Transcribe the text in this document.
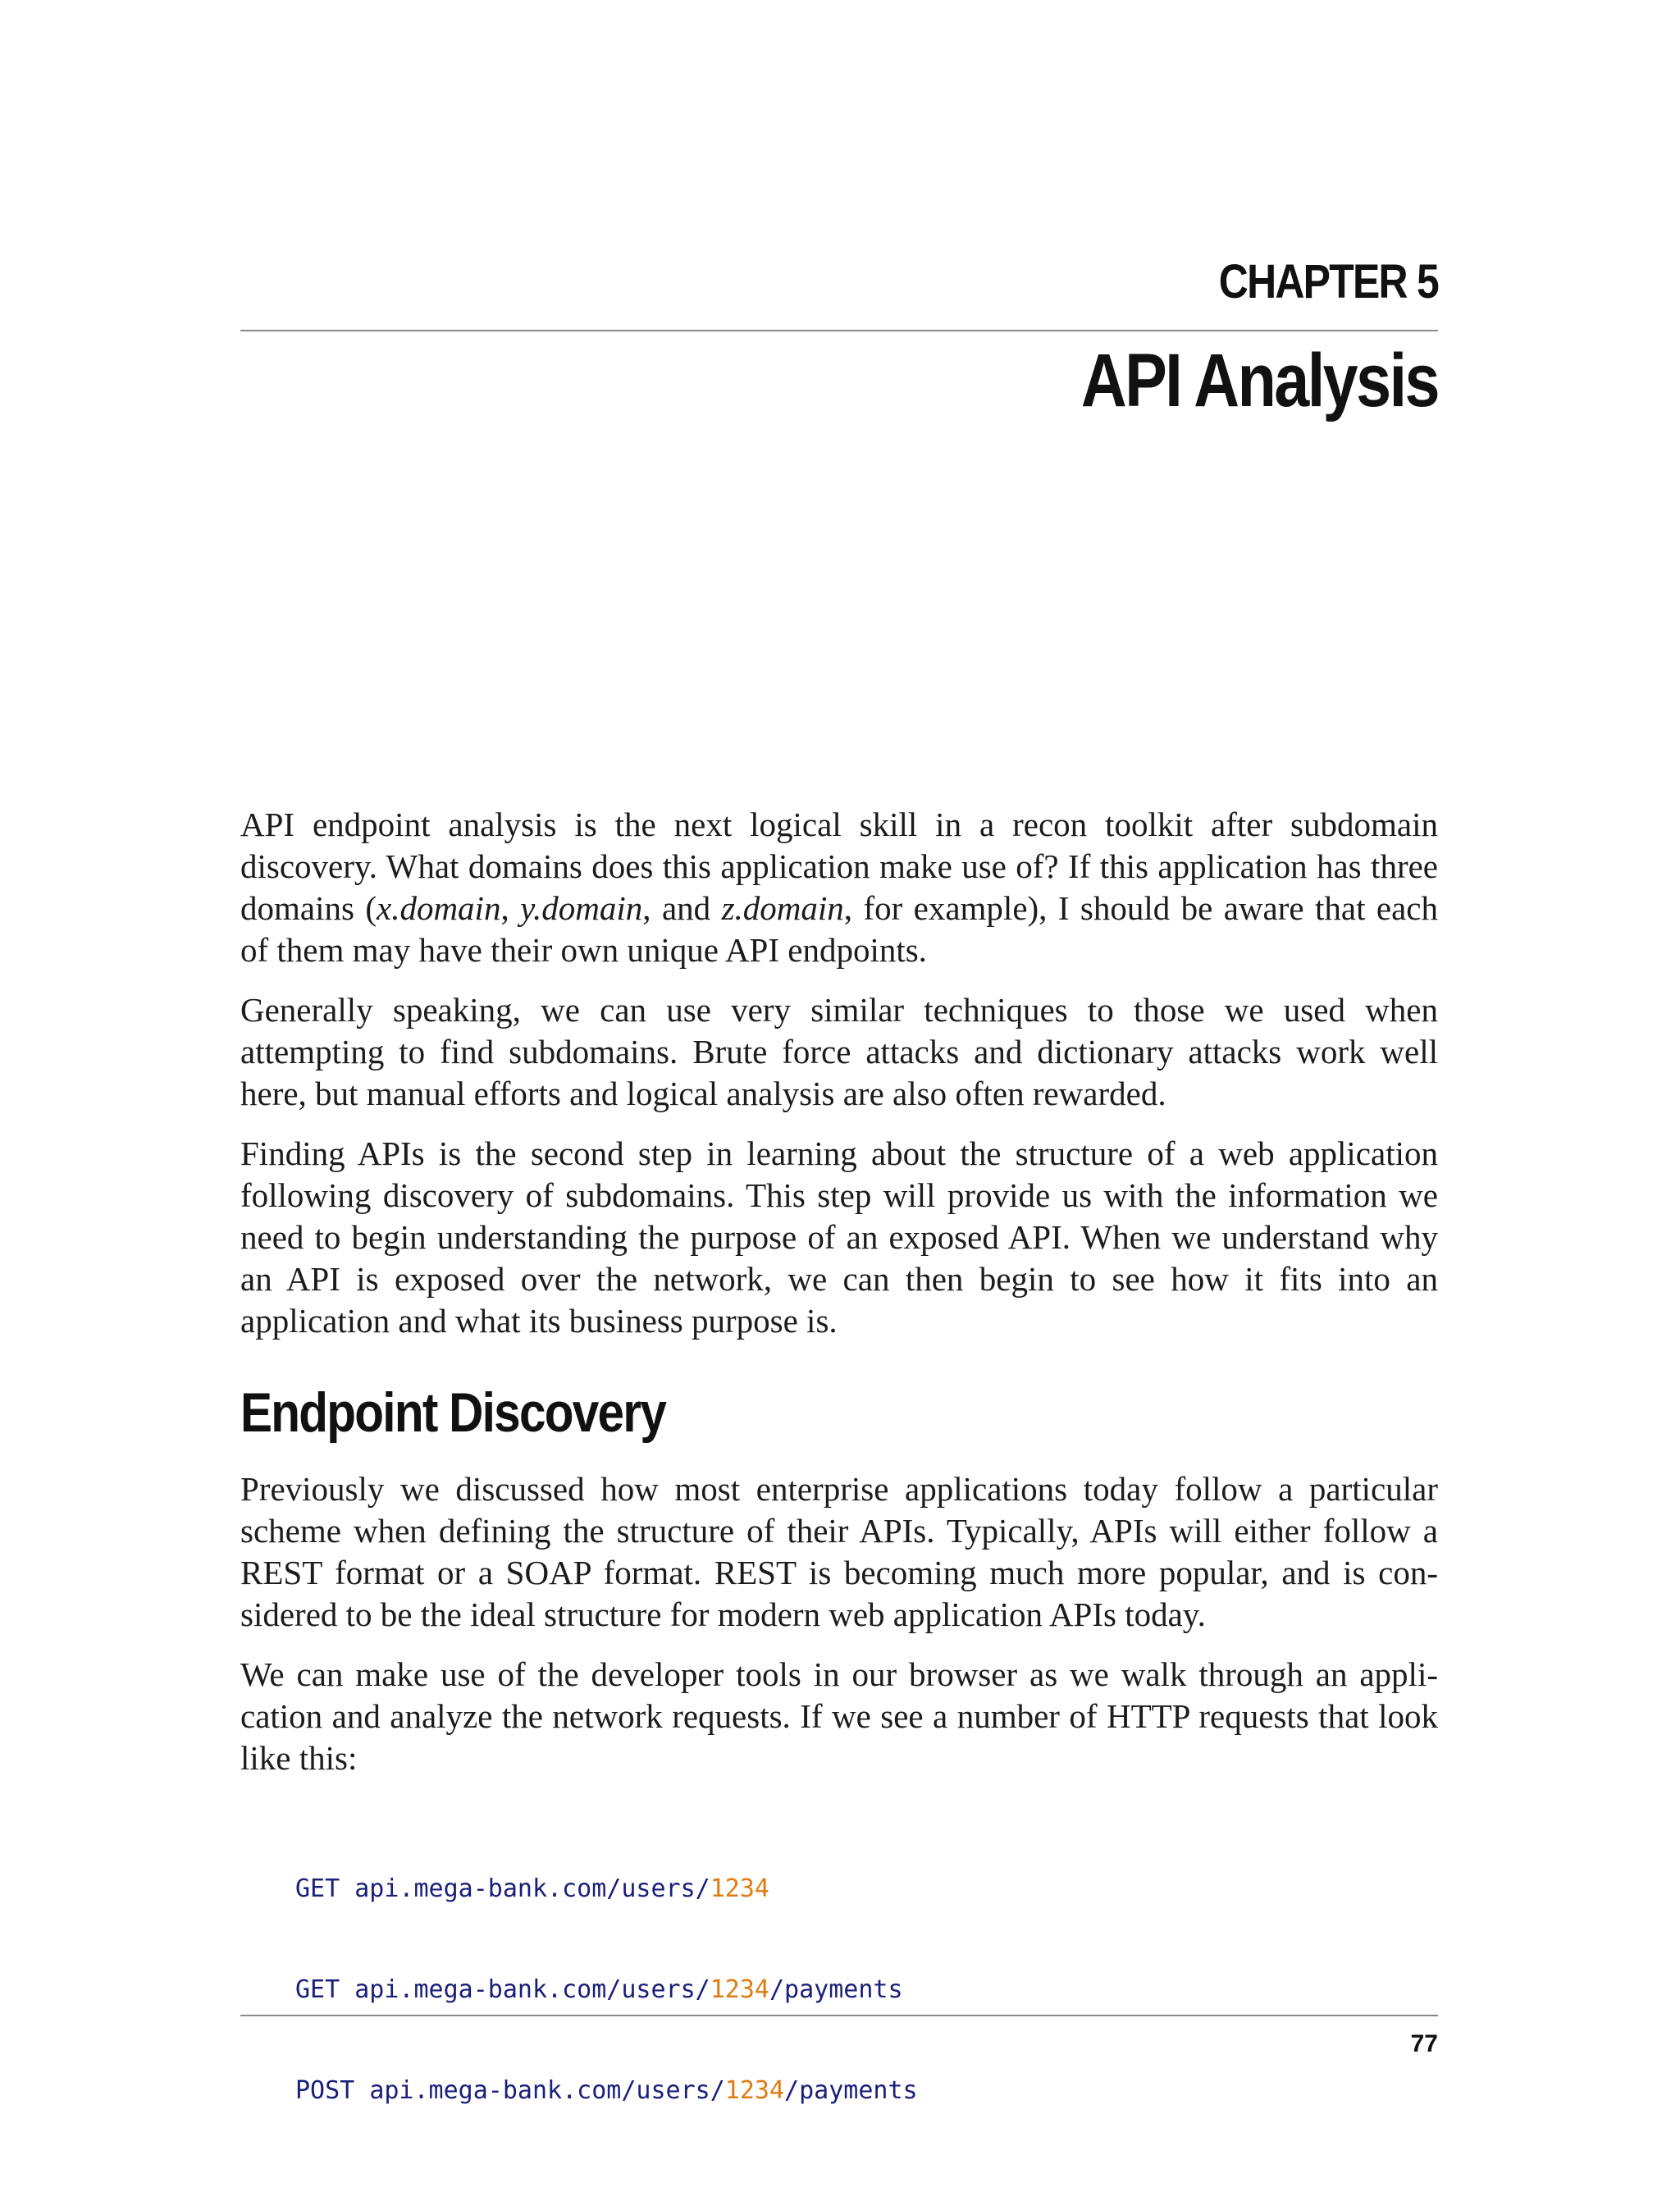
CHAPTER 5
API Analysis

API endpoint analysis is the next logical skill in a recon toolkit after subdomain discovery. What domains does this application make use of? If this application has three domains (x.domain, y.domain, and z.domain, for example), I should be aware that each of them may have their own unique API endpoints.

Generally speaking, we can use very similar techniques to those we used when attempting to find subdomains. Brute force attacks and dictionary attacks work well here, but manual efforts and logical analysis are also often rewarded.

Finding APIs is the second step in learning about the structure of a web application following discovery of subdomains. This step will provide us with the information we need to begin understanding the purpose of an exposed API. When we understand why an API is exposed over the network, we can then begin to see how it fits into an application and what its business purpose is.

Endpoint Discovery

Previously we discussed how most enterprise applications today follow a particular scheme when defining the structure of their APIs. Typically, APIs will either follow a REST format or a SOAP format. REST is becoming much more popular, and is considered to be the ideal structure for modern web application APIs today.

We can make use of the developer tools in our browser as we walk through an application and analyze the network requests. If we see a number of HTTP requests that look like this:

GET api.mega-bank.com/users/1234

GET api.mega-bank.com/users/1234/payments

POST api.mega-bank.com/users/1234/payments

77
